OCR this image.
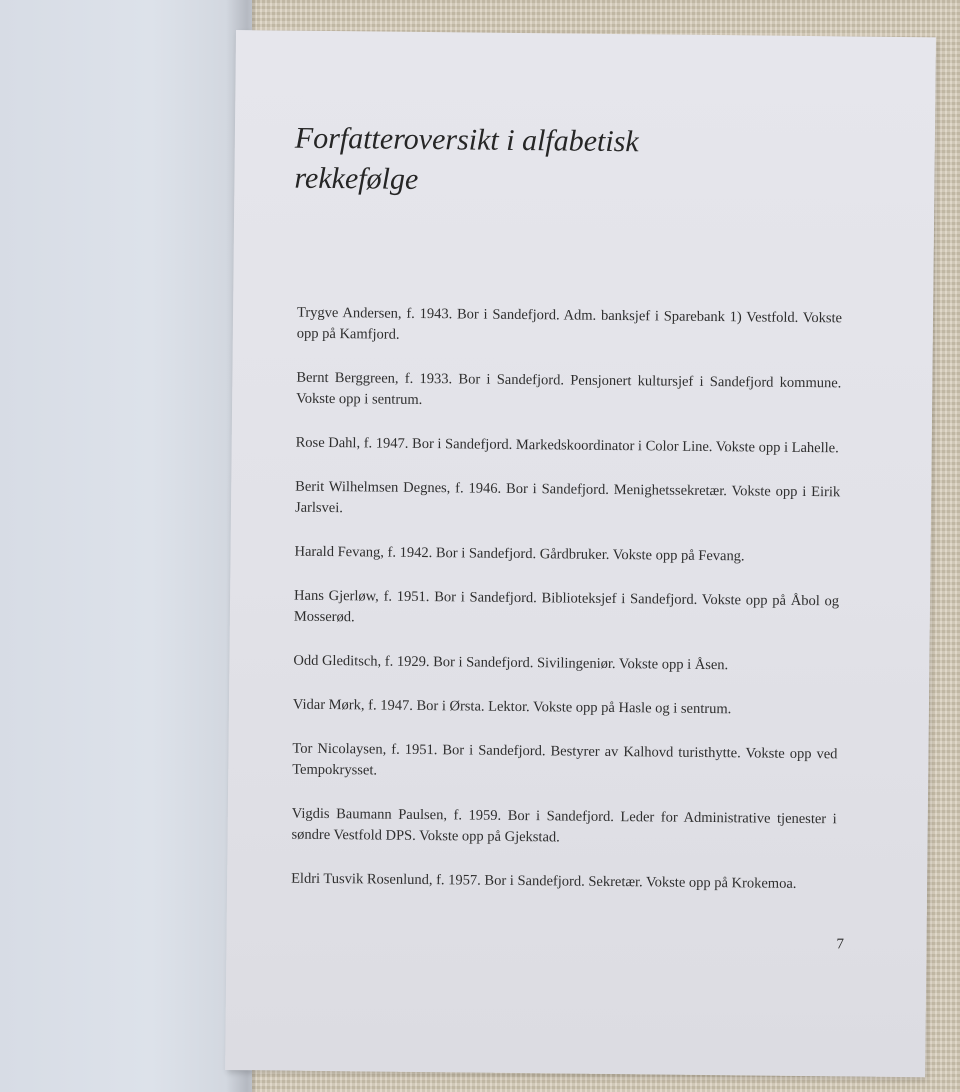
Forfatteroversikt i alfabetisk rekkefølge
Trygve Andersen, f. 1943. Bor i Sandefjord. Adm. banksjef i Sparebank 1) Vestfold. Vokste opp på Kamfjord.
Bernt Berggreen, f. 1933. Bor i Sandefjord. Pensjonert kultursjef i Sandefjord kommune. Vokste opp i sentrum.
Rose Dahl, f. 1947. Bor i Sandefjord. Markedskoordinator i Color Line. Vokste opp i Lahelle.
Berit Wilhelmsen Degnes, f. 1946. Bor i Sandefjord. Menighetssekretær. Vokste opp i Eirik Jarlsvei.
Harald Fevang, f. 1942. Bor i Sandefjord. Gårdbruker. Vokste opp på Fevang.
Hans Gjerløw, f. 1951. Bor i Sandefjord. Biblioteksjef i Sandefjord. Vokste opp på Åbol og Mosserød.
Odd Gleditsch, f. 1929. Bor i Sandefjord. Sivilingeniør. Vokste opp i Åsen.
Vidar Mørk, f. 1947. Bor i Ørsta. Lektor. Vokste opp på Hasle og i sentrum.
Tor Nicolaysen, f. 1951. Bor i Sandefjord. Bestyrer av Kalhovd turisthytte. Vokste opp ved Tempokrysset.
Vigdis Baumann Paulsen, f. 1959. Bor i Sandefjord. Leder for Administrative tjenester i søndre Vestfold DPS. Vokste opp på Gjekstad.
Eldri Tusvik Rosenlund, f. 1957. Bor i Sandefjord. Sekretær. Vokste opp på Krokemoa.
7
